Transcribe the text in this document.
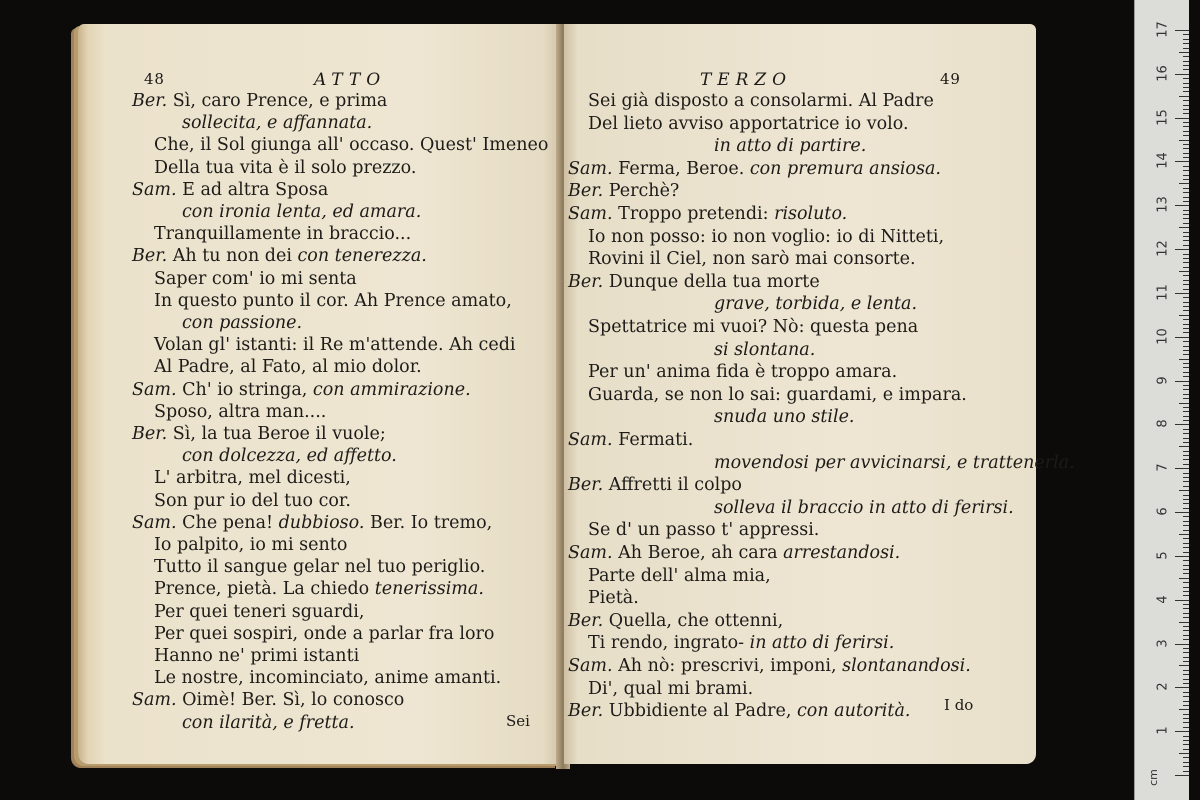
48	ATTO
Ber. Sì, caro Prence, e prima
sollecita, e affannata.
Che, il Sol giunga all' occaso. Quest' Imeneo
Della tua vita è il solo prezzo.
Sam. E ad altra Sposa
con ironia lenta, ed amara.
Tranquillamente in braccio...
Ber. Ah tu non dei con tenerezza.
Saper com' io mi senta
In questo punto il cor. Ah Prence amato,
con passione.
Volan gl' istanti: il Re m'attende. Ah cedi
Al Padre, al Fato, al mio dolor.
Sam. Ch' io stringa, con ammirazione.
Sposo, altra man....
Ber. Sì, la tua Beroe il vuole;
con dolcezza, ed affetto.
L' arbitra, mel dicesti,
Son pur io del tuo cor.
Sam. Che pena! dubbioso. Ber. Io tremo,
Io palpito, io mi sento
Tutto il sangue gelar nel tuo periglio.
Prence, pietà. La chiedo tenerissima.
Per quei teneri sguardi,
Per quei sospiri, onde a parlar fra loro
Hanno ne' primi istanti
Le nostre, incominciato, anime amanti.
Sam. Oimè! Ber. Sì, lo conosco
con ilarità, e fretta.	Sei
TERZO	49
Sei già disposto a consolarmi. Al Padre
Del lieto avviso apportatrice io volo.
in atto di partire.
Sam. Ferma, Beroe. con premura ansiosa.
Ber. Perchè?
Sam. Troppo pretendi: risoluto.
Io non posso: io non voglio: io di Nitteti,
Rovini il Ciel, non sarò mai consorte.
Ber. Dunque della tua morte
grave, torbida, e lenta.
Spettatrice mi vuoi? Nò: questa pena
si slontana.
Per un' anima fida è troppo amara.
Guarda, se non lo sai: guardami, e impara.
snuda uno stile.
Sam. Fermati.
movendosi per avvicinarsi, e trattenerla.
Ber. Affretti il colpo
solleva il braccio in atto di ferirsi.
Se d' un passo t' appressi.
Sam. Ah Beroe, ah cara arrestandosi.
Parte dell' alma mia,
Pietà.
Ber. Quella, che ottenni,
Ti rendo, ingrato- in atto di ferirsi.
Sam. Ah nò: prescrivi, imponi, slontanandosi.
Di', qual mi brami.
Ber. Ubbidiente al Padre, con autorità. I do
cm
17
16
15
14
13
12
11
10
9
8
7
6
5
4
3
2
1
